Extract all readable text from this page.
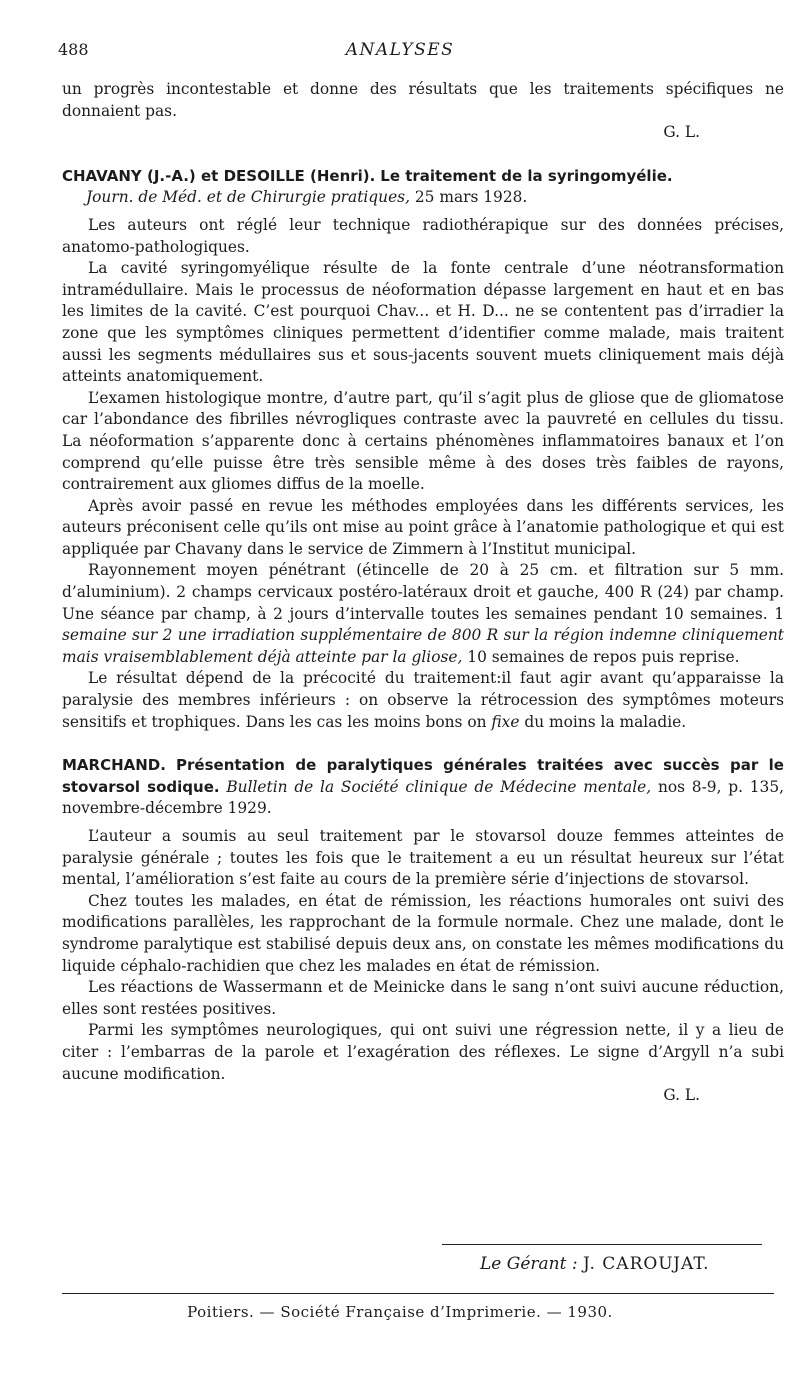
488	ANALYSES

un progrès incontestable et donne des résultats que les traitements spécifiques ne donnaient pas.

G. L.

CHAVANY (J.-A.) et DESOILLE (Henri). Le traitement de la syringomyélie.
Journ. de Méd. et de Chirurgie pratiques, 25 mars 1928.

Les auteurs ont réglé leur technique radiothérapique sur des données précises, anatomo-pathologiques.

La cavité syringomyélique résulte de la fonte centrale d’une néotransformation intramédullaire. Mais le processus de néoformation dépasse largement en haut et en bas les limites de la cavité. C’est pourquoi Chav... et H. D... ne se contentent pas d’irradier la zone que les symptômes cliniques permettent d’identifier comme malade, mais traitent aussi les segments médullaires sus et sous-jacents souvent muets cliniquement mais déjà atteints anatomiquement.

L’examen histologique montre, d’autre part, qu’il s’agit plus de gliose que de gliomatose car l’abondance des fibrilles névrogliques contraste avec la pauvreté en cellules du tissu. La néoformation s’apparente donc à certains phénomènes inflammatoires banaux et l’on comprend qu’elle puisse être très sensible même à des doses très faibles de rayons, contrairement aux gliomes diffus de la moelle.

Après avoir passé en revue les méthodes employées dans les différents services, les auteurs préconisent celle qu’ils ont mise au point grâce à l’anatomie pathologique et qui est appliquée par Chavany dans le service de Zimmern à l’Institut municipal.

Rayonnement moyen pénétrant (étincelle de 20 à 25 cm. et filtration sur 5 mm. d’aluminium). 2 champs cervicaux postéro-latéraux droit et gauche, 400 R (24) par champ. Une séance par champ, à 2 jours d’intervalle toutes les semaines pendant 10 semaines. 1 semaine sur 2 une irradiation supplémentaire de 800 R sur la région indemne cliniquement mais vraisemblablement déjà atteinte par la gliose, 10 semaines de repos puis reprise.

Le résultat dépend de la précocité du traitement:il faut agir avant qu’apparaisse la paralysie des membres inférieurs : on observe la rétrocession des symptômes moteurs sensitifs et trophiques. Dans les cas les moins bons on fixe du moins la maladie.

MARCHAND. Présentation de paralytiques générales traitées avec succès par le stovarsol sodique. Bulletin de la Société clinique de Médecine mentale, nos 8-9, p. 135, novembre-décembre 1929.

L’auteur a soumis au seul traitement par le stovarsol douze femmes atteintes de paralysie générale ; toutes les fois que le traitement a eu un résultat heureux sur l’état mental, l’amélioration s’est faite au cours de la première série d’injections de stovarsol.

Chez toutes les malades, en état de rémission, les réactions humorales ont suivi des modifications parallèles, les rapprochant de la formule normale. Chez une malade, dont le syndrome paralytique est stabilisé depuis deux ans, on constate les mêmes modifications du liquide céphalo-rachidien que chez les malades en état de rémission.

Les réactions de Wassermann et de Meinicke dans le sang n’ont suivi aucune réduction, elles sont restées positives.

Parmi les symptômes neurologiques, qui ont suivi une régression nette, il y a lieu de citer : l’embarras de la parole et l’exagération des réflexes. Le signe d’Argyll n’a subi aucune modification.

G. L.
Le Gérant : J. CAROUJAT.
Poitiers. — Société Française d’Imprimerie. — 1930.
